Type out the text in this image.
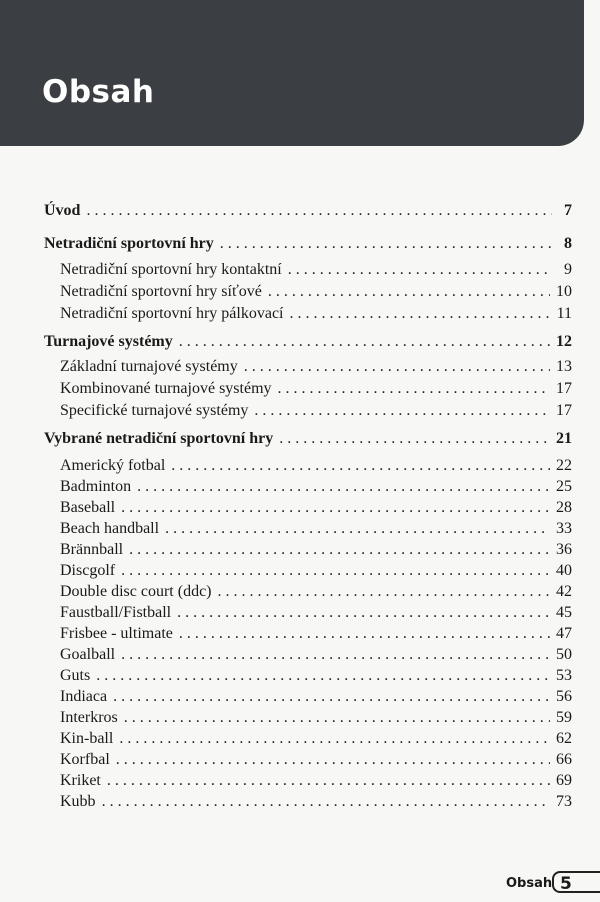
Obsah
Úvod . . .	7
Netradiční sportovní hry . . .	8
Netradiční sportovní hry kontaktní . . .	9
Netradiční sportovní hry síťové . . .	10
Netradiční sportovní hry pálkovací . . .	11
Turnajové systémy . . .	12
Základní turnajové systémy . . .	13
Kombinované turnajové systémy . . .	17
Specifické turnajové systémy . . .	17
Vybrané netradiční sportovní hry . . .	21
Americký fotbal . . .	22
Badminton . . .	25
Baseball . . .	28
Beach handball . . .	33
Brännball . . .	36
Discgolf . . .	40
Double disc court (ddc) . . .	42
Faustball/Fistball . . .	45
Frisbee - ultimate . . .	47
Goalball . . .	50
Guts . . .	53
Indiaca . . .	56
Interkros . . .	59
Kin-ball . . .	62
Korfbal . . .	66
Kriket . . .	69
Kubb . . .	73
Obsah 5
